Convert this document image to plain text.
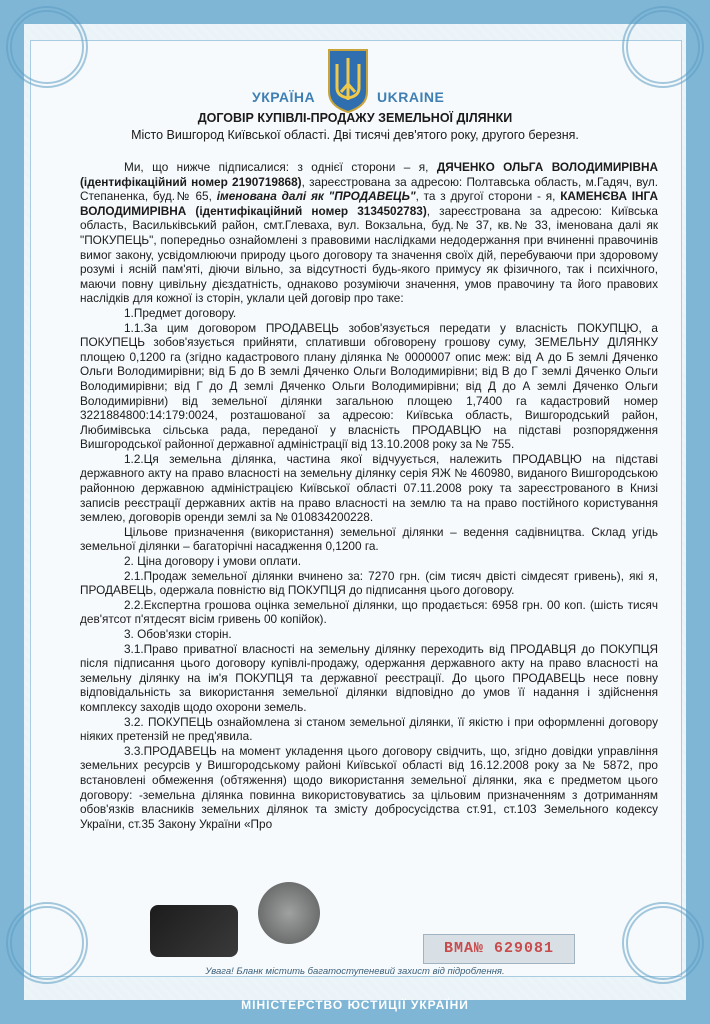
УКРАЇНА	UKRAINE
ДОГОВІР КУПІВЛІ-ПРОДАЖУ ЗЕМЕЛЬНОЇ ДІЛЯНКИ
Місто Вишгород Київської області. Дві тисячі дев'ятого року, другого березня.

Ми, що нижче підписалися: з однієї сторони – я, ДЯЧЕНКО ОЛЬГА ВОЛОДИМИРІВНА (ідентифікаційний номер 2190719868), зареєстрована за адресою: Полтавська область, м.Гадяч, вул. Степаненка, буд.№ 65, іменована далі як "ПРОДАВЕЦЬ", та з другої сторони - я, КАМЕНЄВА ІНГА ВОЛОДИМИРІВНА (ідентифікаційний номер 3134502783), зареєстрована за адресою: Київська область, Васильківський район, смт.Глеваха, вул. Вокзальна, буд.№ 37, кв.№ 33, іменована далі як "ПОКУПЕЦЬ", попередньо ознайомлені з правовими наслідками недодержання при вчиненні правочинів вимог закону, усвідомлюючи природу цього договору та значення своїх дій, перебуваючи при здоровому розумі і ясній пам'яті, діючи вільно, за відсутності будь-якого примусу як фізичного, так і психічного, маючи повну цивільну дієздатність, однаково розуміючи значення, умов правочину та його правових наслідків для кожної із сторін, уклали цей договір про таке:

1.Предмет договору.

1.1.За цим договором ПРОДАВЕЦЬ зобов'язується передати у власність ПОКУПЦЮ, а ПОКУПЕЦЬ зобов'язується прийняти, сплативши обговорену грошову суму, ЗЕМЕЛЬНУ ДІЛЯНКУ площею 0,1200 га (згідно кадастрового плану ділянка № 0000007 опис меж: від А до Б землі Дяченко Ольги Володимирівни; від Б до В землі Дяченко Ольги Володимирівни; від В до Г землі Дяченко Ольги Володимирівни; від Г до Д землі Дяченко Ольги Володимирівни; від Д до А землі Дяченко Ольги Володимирівни) від земельної ділянки загальною площею 1,7400 га кадастровий номер 3221884800:14:179:0024, розташованої за адресою: Київська область, Вишгородський район, Любимівська сільська рада, переданої у власність ПРОДАВЦЮ на підставі розпорядження Вишгородської районної державної адміністрації від 13.10.2008 року за № 755.

1.2.Ця земельна ділянка, частина якої відчуується, належить ПРОДАВЦЮ на підставі державного акту на право власності на земельну ділянку серія ЯЖ № 460980, виданого Вишгородською районною державною адміністрацією Київської області 07.11.2008 року та зареєстрованого в Книзі записів реєстрації державних актів на право власності на землю та на право постійного користування землею, договорів оренди землі за № 010834200228.

Цільове призначення (використання) земельної ділянки – ведення садівництва. Склад угідь земельної ділянки – багаторічні насадження 0,1200 га.

2. Ціна договору і умови оплати.

2.1.Продаж земельної ділянки вчинено за: 7270 грн. (сім тисяч двісті сімдесят гривень), які я, ПРОДАВЕЦЬ, одержала повністю від ПОКУПЦЯ до підписання цього договору.

2.2.Експертна грошова оцінка земельної ділянки, що продається: 6958 грн. 00 коп. (шість тисяч дев'ятсот п'ятдесят вісім гривень 00 копійок).

3. Обов'язки сторін.

3.1.Право приватної власності на земельну ділянку переходить від ПРОДАВЦЯ до ПОКУПЦЯ після підписання цього договору купівлі-продажу, одержання державного акту на право власності на земельну ділянку на ім'я ПОКУПЦЯ та державної реєстрації. До цього ПРОДАВЕЦЬ несе повну відповідальність за використання земельної ділянки відповідно до умов її надання і здійснення комплексу заходів щодо охорони земель.

3.2. ПОКУПЕЦЬ ознайомлена зі станом земельної ділянки, її якістю і при оформленні договору ніяких претензій не пред'явила.

3.3.ПРОДАВЕЦЬ на момент укладення цього договору свідчить, що, згідно довідки управління земельних ресурсів у Вишгородському районі Київської області від 16.12.2008 року за № 5872, про встановлені обмеження (обтяження) щодо використання земельної ділянки, яка є предметом цього договору: -земельна ділянка повинна використовуватись за цільовим призначенням з дотриманням обов'язків власників земельних ділянок та змісту добросусідства ст.91, ст.103 Земельного кодексу України, ст.35 Закону України «Про

ВМА№ 629081
Увага! Бланк містить багатоступеневий захист від підроблення.
МІНІСТЕРСТВО ЮСТИЦІЇ УКРАЇНИ
